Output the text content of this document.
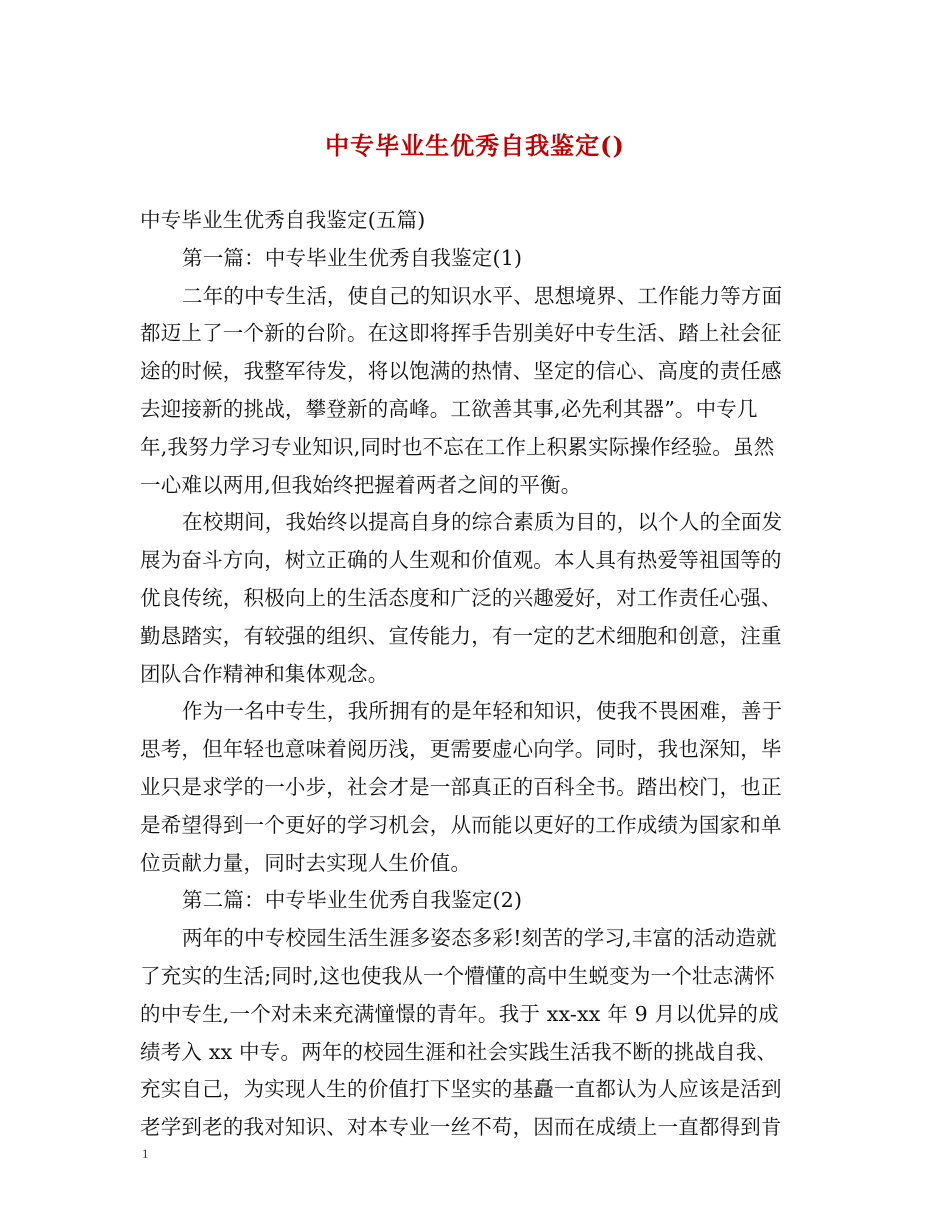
中专毕业生优秀自我鉴定()
中专毕业生优秀自我鉴定(五篇)
第一篇：中专毕业生优秀自我鉴定(1)
二年的中专生活，使自己的知识水平、思想境界、工作能力等方面
都迈上了一个新的台阶。在这即将挥手告别美好中专生活、踏上社会征
途的时候，我整军待发，将以饱满的热情、坚定的信心、高度的责任感
去迎接新的挑战，攀登新的高峰。工欲善其事,必先利其器”。中专几
年,我努力学习专业知识,同时也不忘在工作上积累实际操作经验。虽然
一心难以两用,但我始终把握着两者之间的平衡。
在校期间，我始终以提高自身的综合素质为目的，以个人的全面发
展为奋斗方向，树立正确的人生观和价值观。本人具有热爱等祖国等的
优良传统，积极向上的生活态度和广泛的兴趣爱好，对工作责任心强、
勤恳踏实，有较强的组织、宣传能力，有一定的艺术细胞和创意，注重
团队合作精神和集体观念。
作为一名中专生，我所拥有的是年轻和知识，使我不畏困难，善于
思考，但年轻也意味着阅历浅，更需要虚心向学。同时，我也深知，毕
业只是求学的一小步，社会才是一部真正的百科全书。踏出校门，也正
是希望得到一个更好的学习机会，从而能以更好的工作成绩为国家和单
位贡献力量，同时去实现人生价值。
第二篇：中专毕业生优秀自我鉴定(2)
两年的中专校园生活生涯多姿态多彩!刻苦的学习,丰富的活动造就
了充实的生活;同时,这也使我从一个懵懂的高中生蜕变为一个壮志满怀
的中专生,一个对未来充满憧憬的青年。我于 xx-xx 年 9 月以优异的成
绩考入 xx 中专。两年的校园生涯和社会实践生活我不断的挑战自我、
充实自己，为实现人生的价值打下坚实的基矗一直都认为人应该是活到
老学到老的我对知识、对本专业一丝不苟，因而在成绩上一直都得到肯
1
